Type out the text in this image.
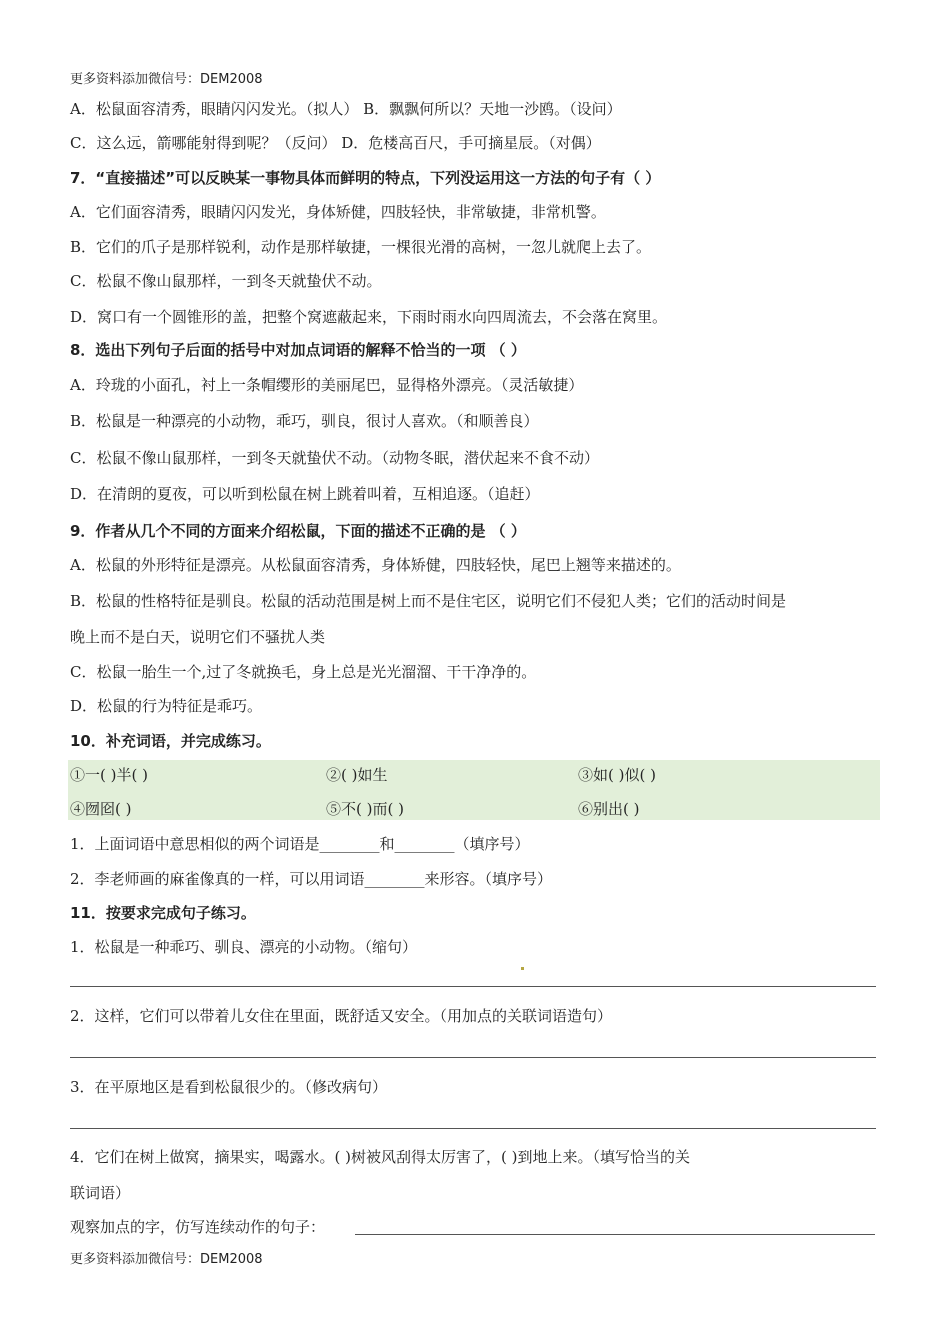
更多资料添加微信号：DEM2008
A．松鼠面容清秀，眼睛闪闪发光。（拟人） B．飘飘何所以？天地一沙鸥。（设问）
C．这么远，箭哪能射得到呢？（反问） D．危楼高百尺，手可摘星辰。（对偶）
7．“直接描述”可以反映某一事物具体而鲜明的特点，下列没运用这一方法的句子有（ ）
A．它们面容清秀，眼睛闪闪发光，身体矫健，四肢轻快，非常敏捷，非常机警。
B．它们的爪子是那样锐利，动作是那样敏捷，一棵很光滑的高树，一忽儿就爬上去了。
C．松鼠不像山鼠那样，一到冬天就蛰伏不动。
D．窝口有一个圆锥形的盖，把整个窝遮蔽起来，下雨时雨水向四周流去，不会落在窝里。
8．选出下列句子后面的括号中对加点词语的解释不恰当的一项 （ ）
A．玲珑的小面孔，衬上一条帽缨形的美丽尾巴，显得格外漂亮。（灵活敏捷）
B．松鼠是一种漂亮的小动物，乖巧，驯良，很讨人喜欢。（和顺善良）
C．松鼠不像山鼠那样，一到冬天就蛰伏不动。（动物冬眠，潜伏起来不食不动）
D．在清朗的夏夜，可以听到松鼠在树上跳着叫着，互相追逐。（追赶）
9．作者从几个不同的方面来介绍松鼠，下面的描述不正确的是 （ ）
A．松鼠的外形特征是漂亮。从松鼠面容清秀，身体矫健，四肢轻快，尾巴上翘等来描述的。
B．松鼠的性格特征是驯良。松鼠的活动范围是树上而不是住宅区，说明它们不侵犯人类；它们的活动时间是
晚上而不是白天，说明它们不骚扰人类
C．松鼠一胎生一个,过了冬就换毛，身上总是光光溜溜、干干净净的。
D．松鼠的行为特征是乖巧。
10．补充词语，并完成练习。
①一( )半( )	②( )如生	③如( )似( )
④囫囵( )	⑤不( )而( )	⑥别出( )
1．上面词语中意思相似的两个词语是________和________（填序号）
2．李老师画的麻雀像真的一样，可以用词语________来形容。（填序号）
11．按要求完成句子练习。
1．松鼠是一种乖巧、驯良、漂亮的小动物。（缩句）
2．这样，它们可以带着儿女住在里面，既舒适又安全。（用加点的关联词语造句）
3．在平原地区是看到松鼠很少的。（修改病句）
4．它们在树上做窝，摘果实，喝露水。( )树被风刮得太厉害了，( )到地上来。（填写恰当的关
联词语）
观察加点的字，仿写连续动作的句子：
更多资料添加微信号：DEM2008
